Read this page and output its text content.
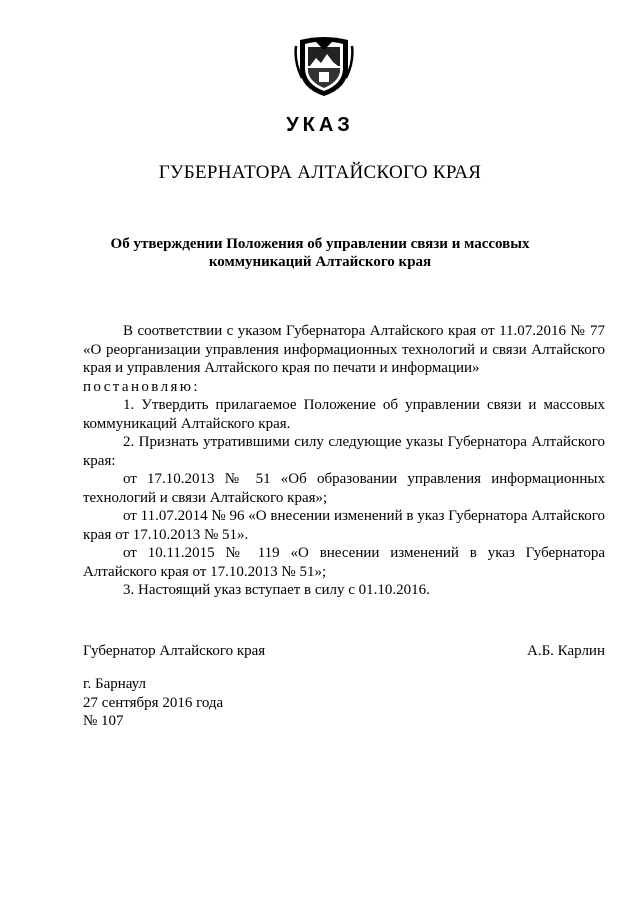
УКАЗ
ГУБЕРНАТОРА АЛТАЙСКОГО КРАЯ
Об утверждении Положения об управлении связи и массовых
коммуникаций Алтайского края

В соответствии с указом Губернатора Алтайского края от 11.07.2016 № 77 «О реорганизации управления информационных технологий и связи Алтайского края и управления Алтайского края по печати и информации»

постановляю:

1. Утвердить прилагаемое Положение об управлении связи и массовых коммуникаций Алтайского края.

2. Признать утратившими силу следующие указы Губернатора Алтайского края:

от 17.10.2013 № 51 «Об образовании управления информационных технологий и связи Алтайского края»;

от 11.07.2014 № 96 «О внесении изменений в указ Губернатора Алтайского края от 17.10.2013 № 51».

от 10.11.2015 № 119 «О внесении изменений в указ Губернатора Алтайского края от 17.10.2013 № 51»;

3. Настоящий указ вступает в силу с 01.10.2016.

Губернатор Алтайского края	А.Б. Карлин
г. Барнаул
27 сентября 2016 года
№ 107
